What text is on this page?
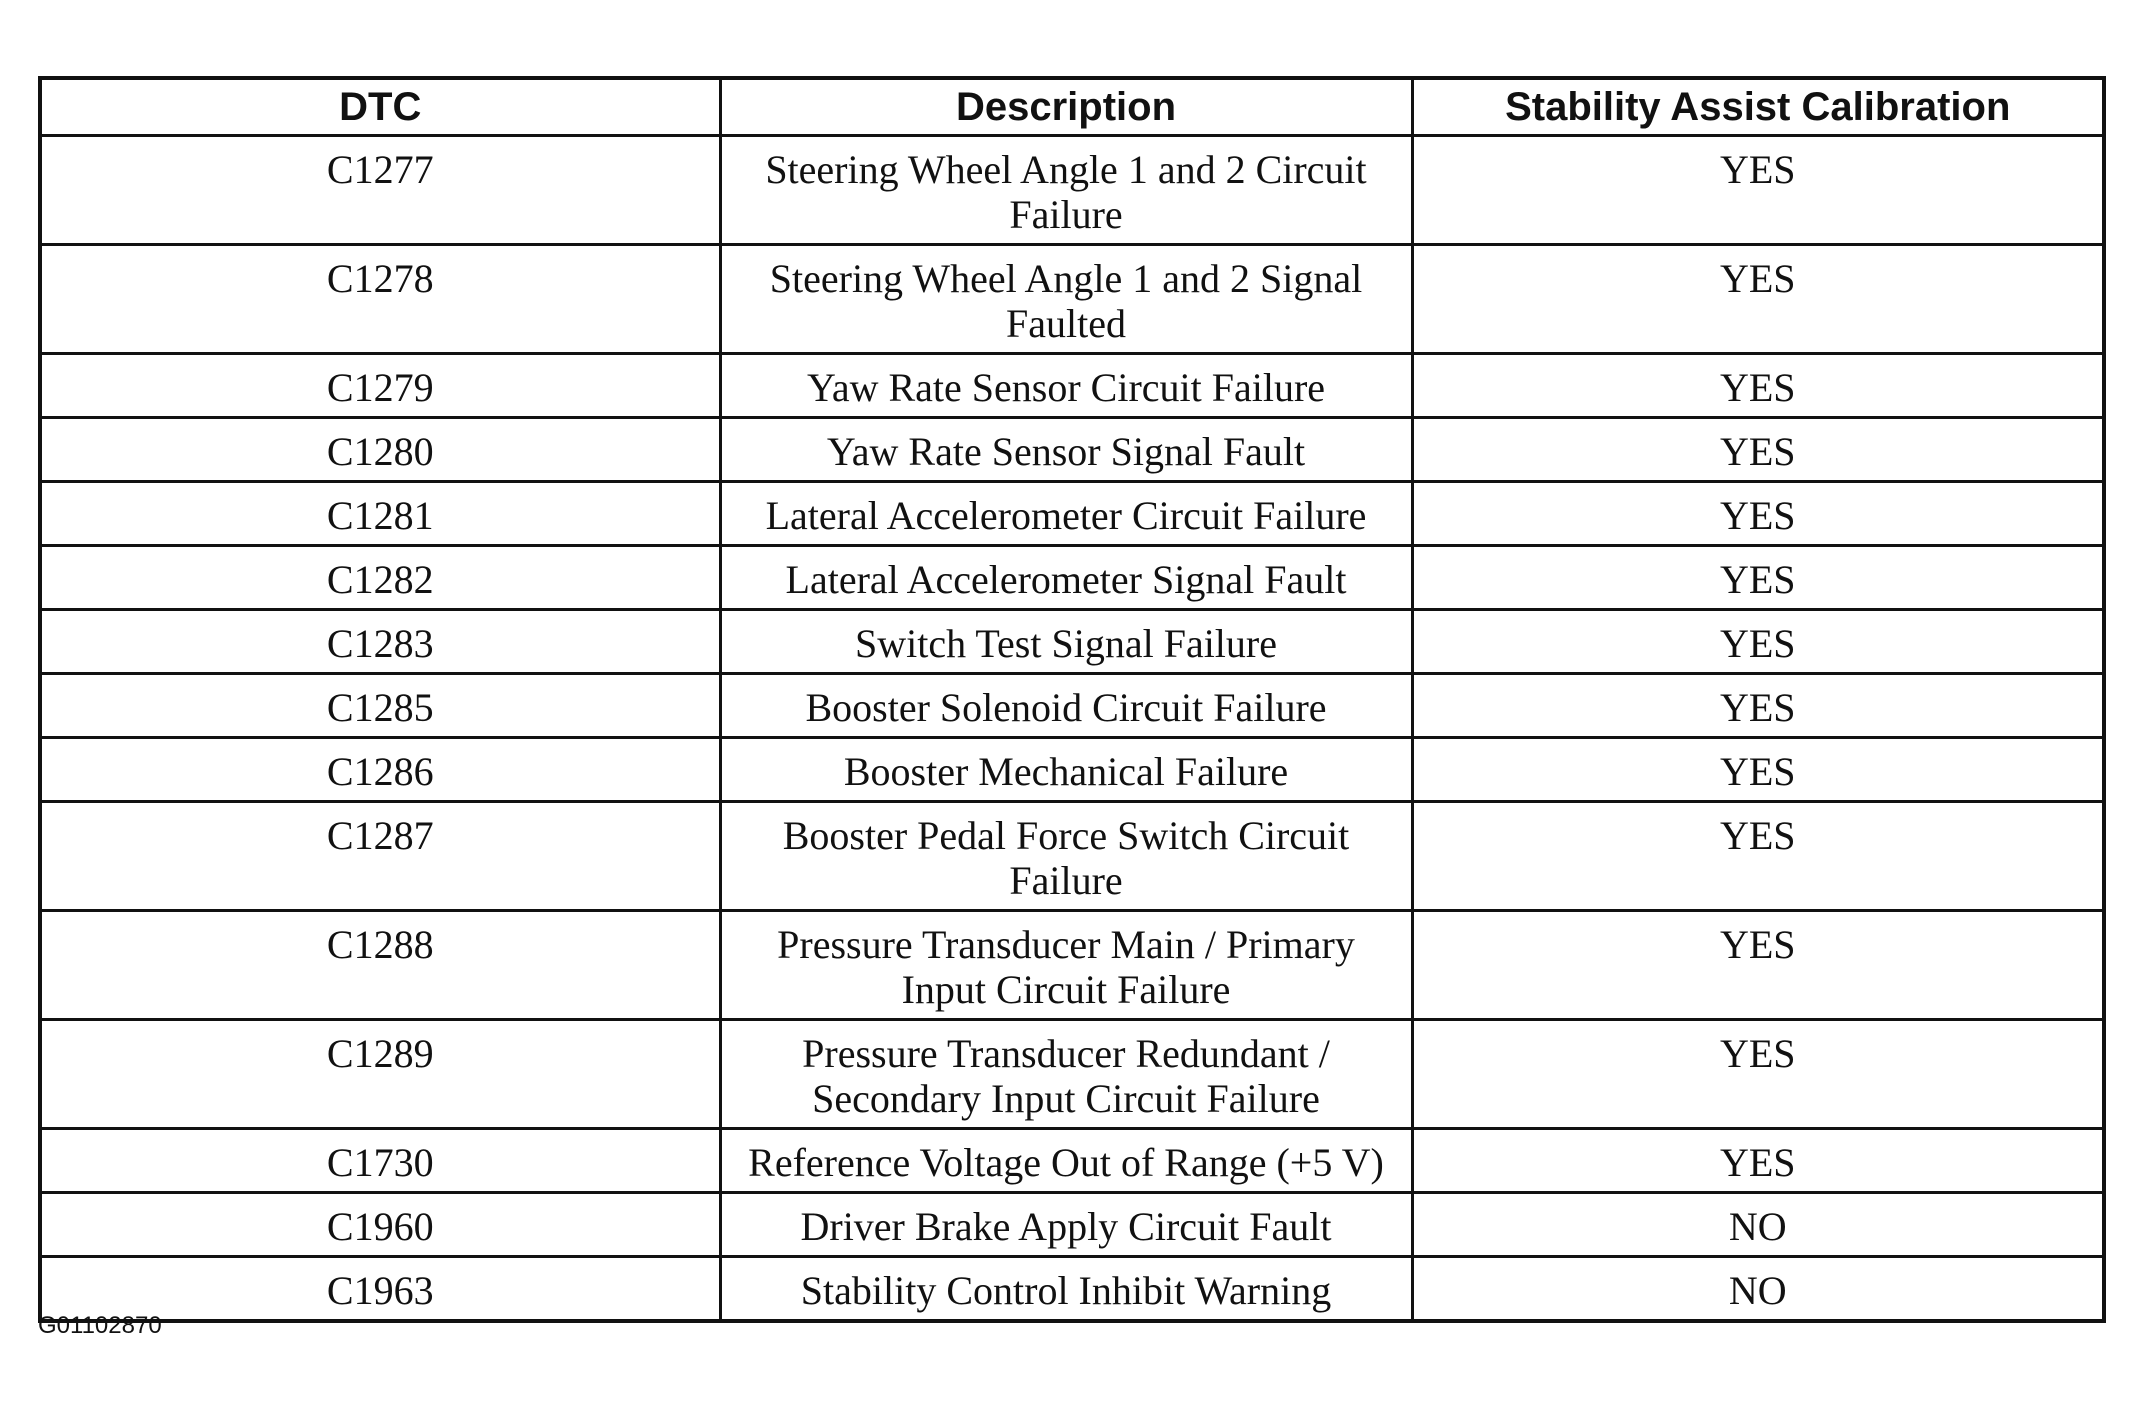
DTC	Description	Stability Assist Calibration
C1277	Steering Wheel Angle 1 and 2 Circuit Failure	YES
C1278	Steering Wheel Angle 1 and 2 Signal Faulted	YES
C1279	Yaw Rate Sensor Circuit Failure	YES
C1280	Yaw Rate Sensor Signal Fault	YES
C1281	Lateral Accelerometer Circuit Failure	YES
C1282	Lateral Accelerometer Signal Fault	YES
C1283	Switch Test Signal Failure	YES
C1285	Booster Solenoid Circuit Failure	YES
C1286	Booster Mechanical Failure	YES
C1287	Booster Pedal Force Switch Circuit Failure	YES
C1288	Pressure Transducer Main / Primary Input Circuit Failure	YES
C1289	Pressure Transducer Redundant / Secondary Input Circuit Failure	YES
C1730	Reference Voltage Out of Range (+5 V)	YES
C1960	Driver Brake Apply Circuit Fault	NO
C1963	Stability Control Inhibit Warning	NO
G01102870
